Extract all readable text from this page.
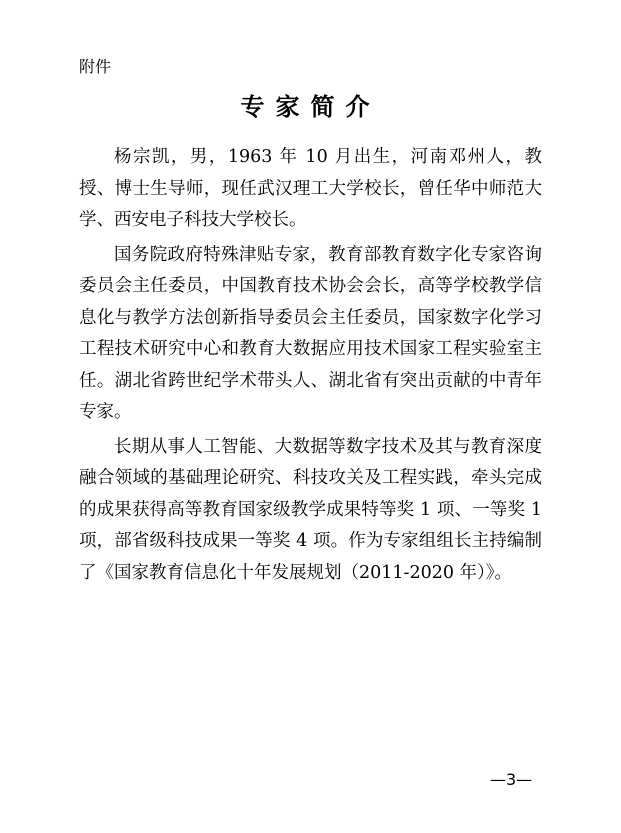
附件
专家简介

杨宗凯，男，1963 年 10 月出生，河南邓州人，教授、博士生导师，现任武汉理工大学校长，曾任华中师范大学、西安电子科技大学校长。

国务院政府特殊津贴专家，教育部教育数字化专家咨询委员会主任委员，中国教育技术协会会长，高等学校教学信息化与教学方法创新指导委员会主任委员，国家数字化学习工程技术研究中心和教育大数据应用技术国家工程实验室主任。湖北省跨世纪学术带头人、湖北省有突出贡献的中青年专家。

长期从事人工智能、大数据等数字技术及其与教育深度融合领域的基础理论研究、科技攻关及工程实践，牵头完成的成果获得高等教育国家级教学成果特等奖 1 项、一等奖 1 项，部省级科技成果一等奖 4 项。作为专家组组长主持编制了《国家教育信息化十年发展规划（2011-2020 年）》。

—3—
